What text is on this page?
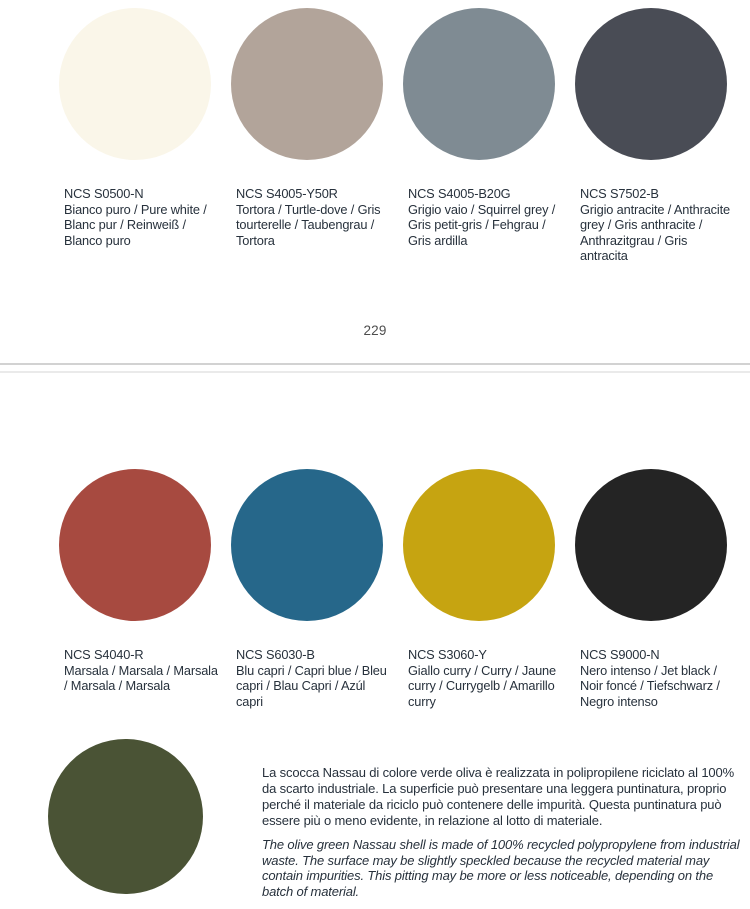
NCS S0500-N
Bianco puro / Pure white / Blanc pur / Reinweiß / Blanco puro
NCS S4005-Y50R
Tortora / Turtle-dove / Gris tourterelle / Taubengrau / Tortora
NCS S4005-B20G
Grigio vaio / Squirrel grey / Gris petit-gris / Fehgrau / Gris ardilla
NCS S7502-B
Grigio antracite / Anthracite grey / Gris anthracite / Anthrazitgrau / Gris antracita
229
NCS S4040-R
Marsala / Marsala / Marsala / Marsala / Marsala
NCS S6030-B
Blu capri / Capri blue / Bleu capri / Blau Capri / Azúl capri
NCS S3060-Y
Giallo curry / Curry / Jaune curry / Currygelb / Amarillo curry
NCS S9000-N
Nero intenso / Jet black / Noir foncé / Tiefschwarz / Negro intenso

La scocca Nassau di colore verde oliva è realizzata in polipropilene riciclato al 100% da scarto industriale. La superficie può presentare una leggera puntinatura, proprio perché il materiale da riciclo può contenere delle impurità. Questa puntinatura può essere più o meno evidente, in relazione al lotto di materiale.

The olive green Nassau shell is made of 100% recycled polypropylene from industrial waste. The surface may be slightly speckled because the recycled material may contain impurities. This pitting may be more or less noticeable, depending on the batch of material.
